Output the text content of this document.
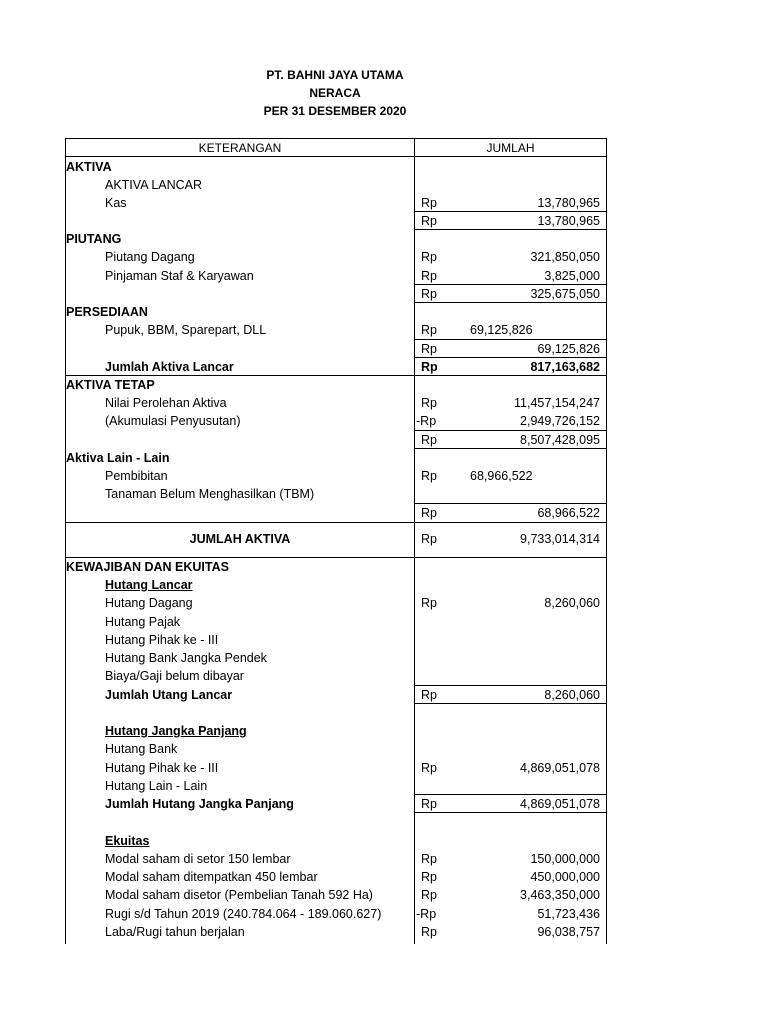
PT. BAHNI JAYA UTAMA
NERACA
PER 31 DESEMBER 2020
KETERANGAN	JUMLAH
AKTIVA
AKTIVA LANCAR
Kas	Rp	13,780,965
Rp	13,780,965
PIUTANG
Piutang Dagang	Rp	321,850,050
Pinjaman Staf & Karyawan	Rp	3,825,000
Rp	325,675,050
PERSEDIAAN
Pupuk, BBM, Sparepart, DLL	Rp	69,125,826
Rp	69,125,826
Jumlah Aktiva Lancar	Rp	817,163,682
AKTIVA TETAP
Nilai Perolehan Aktiva	Rp	11,457,154,247
(Akumulasi Penyusutan)	-Rp	2,949,726,152
Rp	8,507,428,095
Aktiva Lain - Lain
Pembibitan	Rp	68,966,522
Tanaman Belum Menghasilkan (TBM)
Rp	68,966,522
JUMLAH AKTIVA	Rp	9,733,014,314
KEWAJIBAN DAN EKUITAS
Hutang Lancar
Hutang Dagang	Rp	8,260,060
Hutang Pajak
Hutang Pihak ke - III
Hutang Bank Jangka Pendek
Biaya/Gaji belum dibayar
Jumlah Utang Lancar	Rp	8,260,060
Hutang Jangka Panjang
Hutang Bank
Hutang Pihak ke - III	Rp	4,869,051,078
Hutang Lain - Lain
Jumlah Hutang Jangka Panjang	Rp	4,869,051,078
Ekuitas
Modal saham di setor 150 lembar	Rp	150,000,000
Modal saham ditempatkan 450 lembar	Rp	450,000,000
Modal saham disetor (Pembelian Tanah 592 Ha)	Rp	3,463,350,000
Rugi s/d Tahun 2019 (240.784.064 - 189.060.627)	-Rp	51,723,436
Laba/Rugi tahun berjalan	Rp	96,038,757
